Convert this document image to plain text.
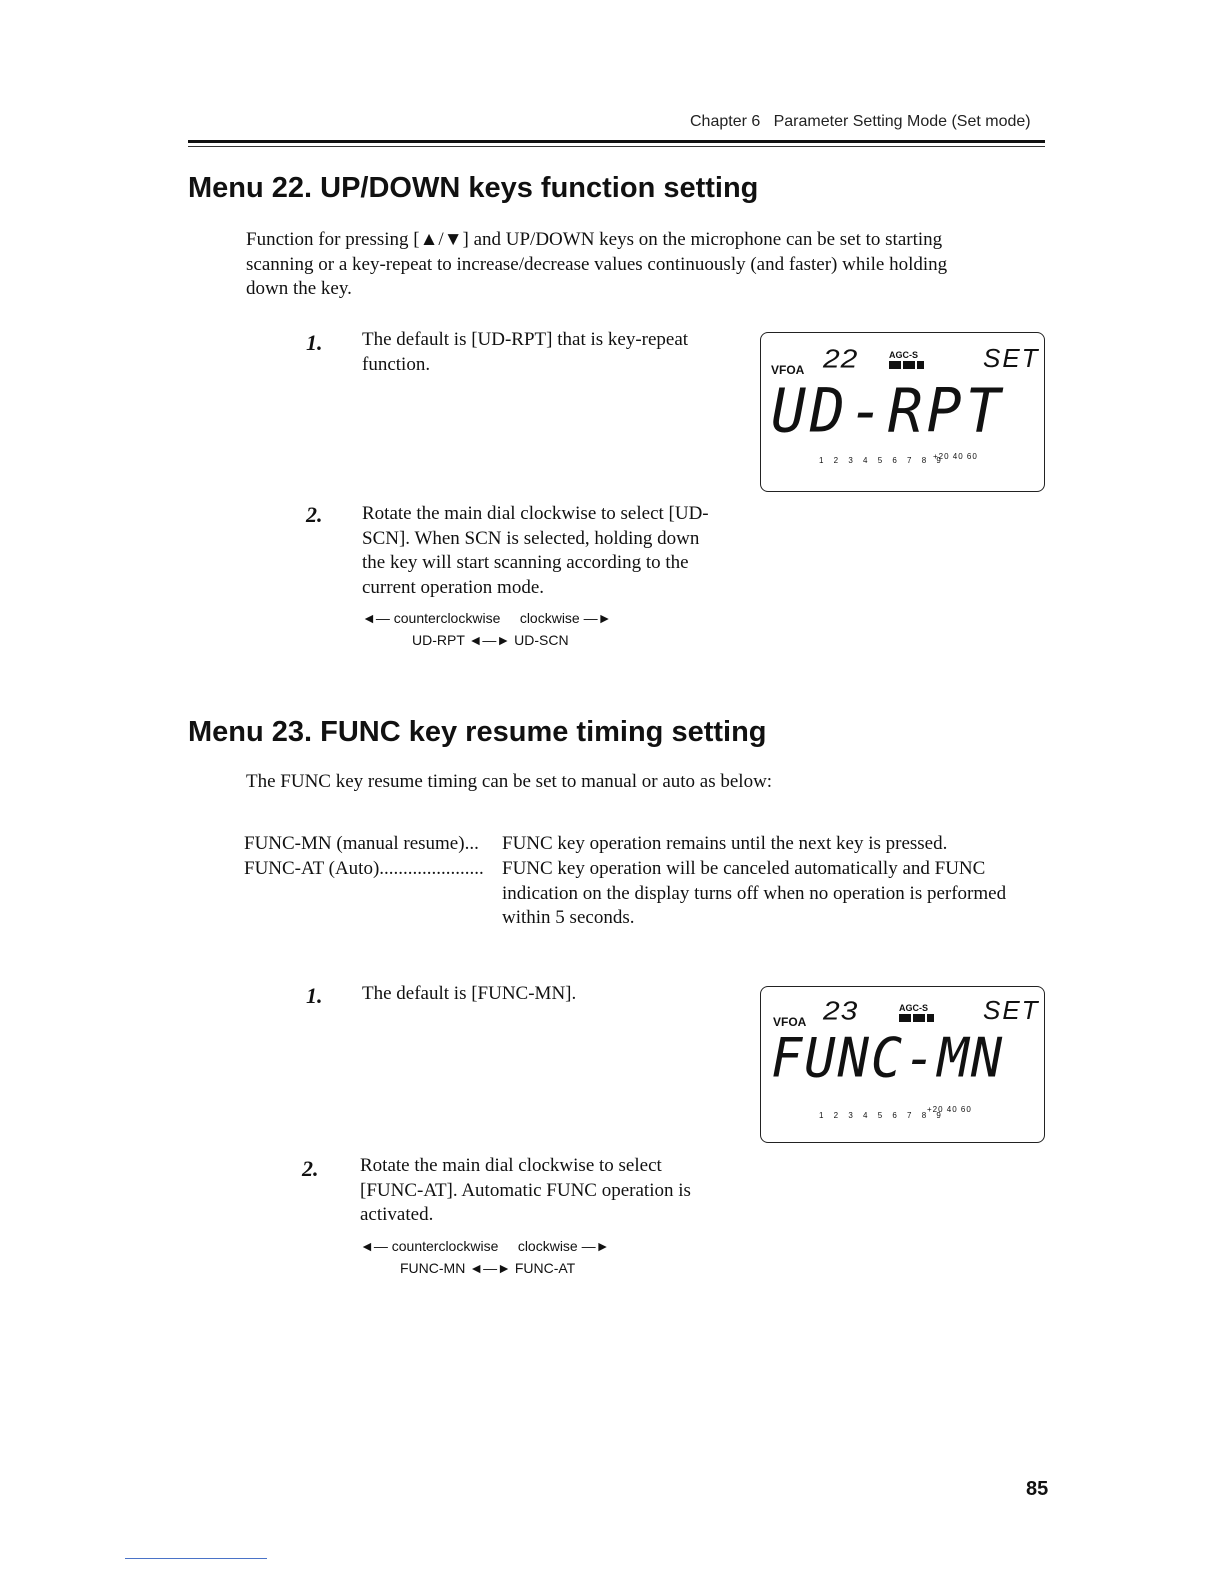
Chapter 6 Parameter Setting Mode (Set mode)
Menu 22. UP/DOWN keys function setting
Function for pressing [▲/▼] and UP/DOWN keys on the microphone can be set to starting
scanning or a key-repeat to increase/decrease values continuously (and faster) while holding
down the key.
1. The default is [UD-RPT] that is key-repeat
function.	VFOA 22	AGC-S	SET
UD-RPT
1 2 3 4 5 6 7 8 9
+20 40 60
2. Rotate the main dial clockwise to select [UD-
SCN]. When SCN is selected, holding down
the key will start scanning according to the
current operation mode.
◄— counterclockwise clockwise —►
UD-RPT ◄—► UD-SCN
Menu 23. FUNC key resume timing setting
The FUNC key resume timing can be set to manual or auto as below:
FUNC-MN (manual resume)... FUNC key operation remains until the next key is pressed.
FUNC-AT (Auto)...................... FUNC key operation will be canceled automatically and FUNC
indication on the display turns off when no operation is performed
within 5 seconds.
1. The default is [FUNC-MN].
VFOA 23	AGC-S	SET
FUNC-MN
1 2 3 4 5 6 7 8 9
+20 40 60
2. Rotate the main dial clockwise to select
[FUNC-AT]. Automatic FUNC operation is
activated.
◄— counterclockwise clockwise —►
FUNC-MN ◄—► FUNC-AT
85
